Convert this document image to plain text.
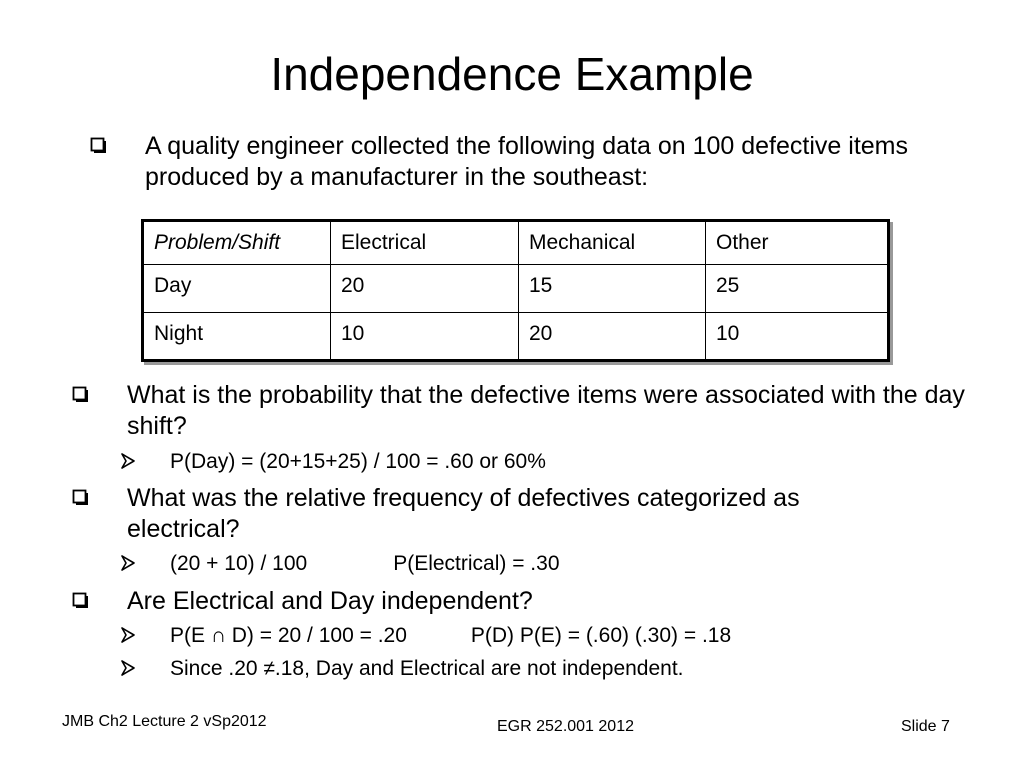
Independence Example
A quality engineer collected the following data on 100 defective items produced by a manufacturer in the southeast:
Problem/Shift	Electrical	Mechanical	Other
Day	20	15	25
Night	10	20	10
What is the probability that the defective items were associated with the day shift?
P(Day) = (20+15+25) / 100 = .60 or 60%
What was the relative frequency of defectives categorized as electrical?
(20 + 10) / 100	P(Electrical) = .30
Are Electrical and Day independent?
P(E ∩ D) = 20 / 100 = .20	P(D) P(E) = (.60) (.30) = .18
Since .20 ≠.18, Day and Electrical are not independent.
JMB Ch2 Lecture 2 vSp2012	EGR 252.001 2012	Slide 7
